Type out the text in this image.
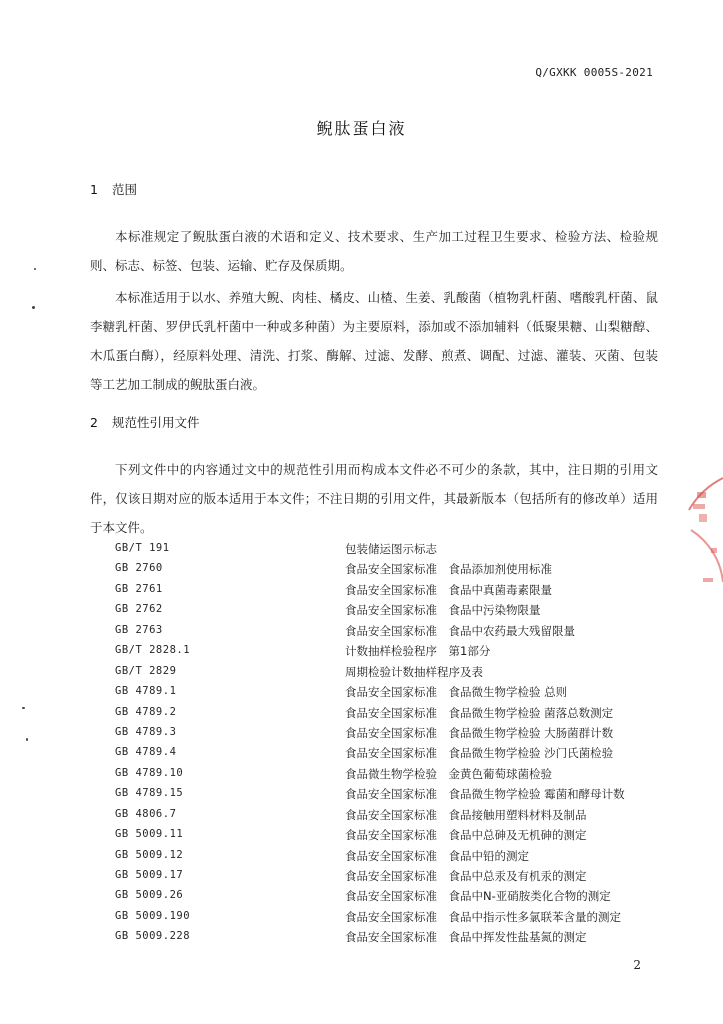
Q/GXKK 0005S-2021
鲵肽蛋白液
1 范围

本标准规定了鲵肽蛋白液的术语和定义、技术要求、生产加工过程卫生要求、检验方法、检验规则、标志、标签、包装、运输、贮存及保质期。

本标准适用于以水、养殖大鲵、肉桂、橘皮、山楂、生姜、乳酸菌（植物乳杆菌、嗜酸乳杆菌、鼠李糖乳杆菌、罗伊氏乳杆菌中一种或多种菌）为主要原料，添加或不添加辅料（低聚果糖、山梨糖醇、木瓜蛋白酶），经原料处理、清洗、打浆、酶解、过滤、发酵、煎煮、调配、过滤、灌装、灭菌、包装等工艺加工制成的鲵肽蛋白液。

2 规范性引用文件

下列文件中的内容通过文中的规范性引用而构成本文件必不可少的条款，其中，注日期的引用文件，仅该日期对应的版本适用于本文件；不注日期的引用文件，其最新版本（包括所有的修改单）适用于本文件。

GB/T 191	包装储运图示标志
GB 2760	食品安全国家标准　食品添加剂使用标准
GB 2761	食品安全国家标准　食品中真菌毒素限量
GB 2762	食品安全国家标准　食品中污染物限量
GB 2763	食品安全国家标准　食品中农药最大残留限量
GB/T 2828.1	计数抽样检验程序　第1部分
GB/T 2829	周期检验计数抽样程序及表
GB 4789.1	食品安全国家标准　食品微生物学检验 总则
GB 4789.2	食品安全国家标准　食品微生物学检验 菌落总数测定
GB 4789.3	食品安全国家标准　食品微生物学检验 大肠菌群计数
GB 4789.4	食品安全国家标准　食品微生物学检验 沙门氏菌检验
GB 4789.10	食品微生物学检验　金黄色葡萄球菌检验
GB 4789.15	食品安全国家标准　食品微生物学检验 霉菌和酵母计数
GB 4806.7	食品安全国家标准　食品接触用塑料材料及制品
GB 5009.11	食品安全国家标准　食品中总砷及无机砷的测定
GB 5009.12	食品安全国家标准　食品中铅的测定
GB 5009.17	食品安全国家标准　食品中总汞及有机汞的测定
GB 5009.26	食品安全国家标准　食品中N-亚硝胺类化合物的测定
GB 5009.190	食品安全国家标准　食品中指示性多氯联苯含量的测定
GB 5009.228	食品安全国家标准　食品中挥发性盐基氮的测定
2
